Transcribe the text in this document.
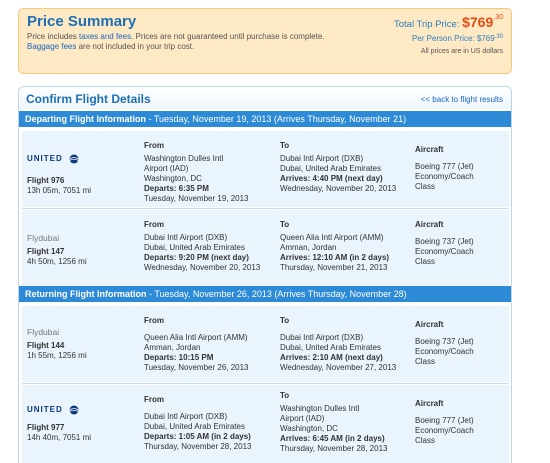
Price Summary
Price includes taxes and fees. Prices are not guaranteed until purchase is complete.
Baggage fees are not included in your trip cost.
Total Trip Price: $769.30
Per Person Price: $\$769^{.30}$
All prices are in US dollars
Confirm Flight Details	<< back to flight results
Departing Flight Information - Tuesday, November 19, 2013 (Arrives Thursday, November 21)
UNITED
Flight 976
13h 05m, 7051 mi
From
Washington Dulles Intl
Airport (IAD)
Washington, DC
Departs: 6:35 PM
Tuesday, November 19, 2013
To
Dubai Intl Airport (DXB)
Dubai, United Arab Emirates
Arrives: 4:40 PM (next day)
Wednesday, November 20, 2013
Aircraft
Boeing 777 (Jet)
Economy/Coach
Class
Flydubai
Flight 147
4h 50m, 1256 mi
From
Dubai Intl Airport (DXB)
Dubai, United Arab Emirates
Departs: 9:20 PM (next day)
Wednesday, November 20, 2013
To
Queen Alia Intl Airport (AMM)
Amman, Jordan
Arrives: 12:10 AM (in 2 days)
Thursday, November 21, 2013
Aircraft
Boeing 737 (Jet)
Economy/Coach
Class
Returning Flight Information - Tuesday, November 26, 2013 (Arrives Thursday, November 28)
Flydubai
Flight 144
1h 55m, 1256 mi
From
Queen Alia Intl Airport (AMM)
Amman, Jordan
Departs: 10:15 PM
Tuesday, November 26, 2013
To
Dubai Intl Airport (DXB)
Dubai, United Arab Emirates
Arrives: 2:10 AM (next day)
Wednesday, November 27, 2013
Aircraft
Boeing 737 (Jet)
Economy/Coach
Class
UNITED
Flight 977
14h 40m, 7051 mi
From
Dubai Intl Airport (DXB)
Dubai, United Arab Emirates
Departs: 1:05 AM (in 2 days)
Thursday, November 28, 2013
To
Washington Dulles Intl
Airport (IAD)
Washington, DC
Arrives: 6:45 AM (in 2 days)
Thursday, November 28, 2013
Aircraft
Boeing 777 (Jet)
Economy/Coach
Class
